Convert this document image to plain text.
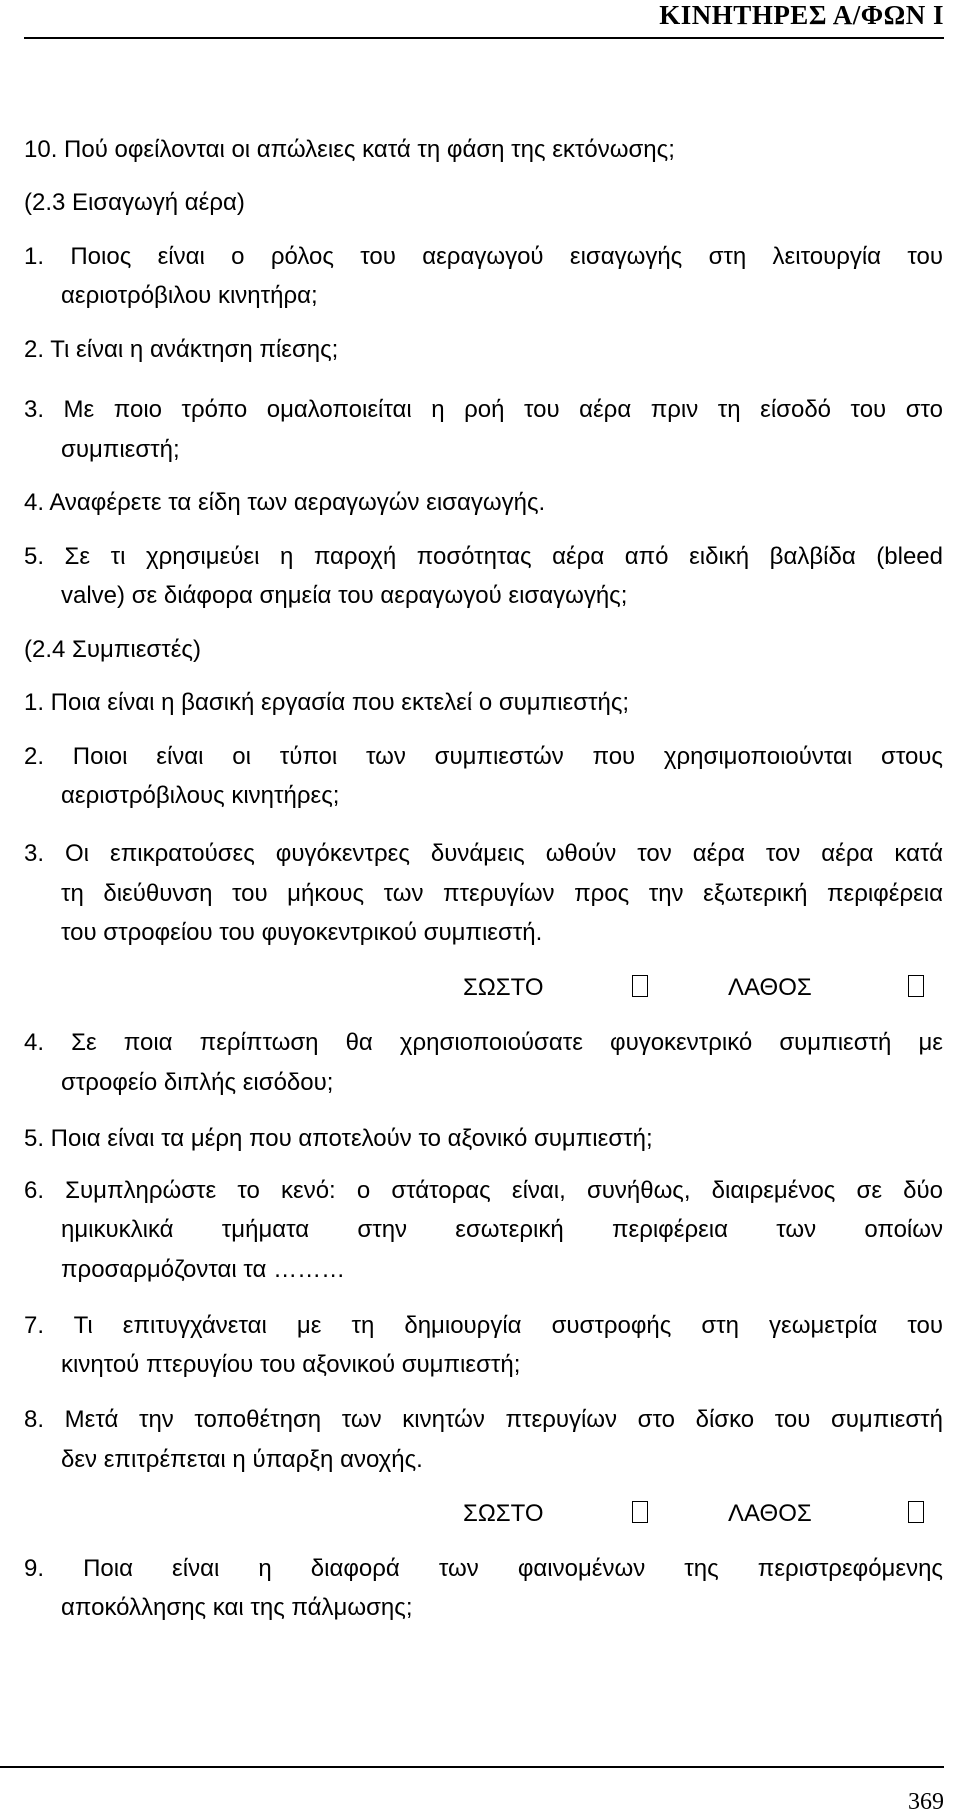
ΚΙΝΗΤΗΡΕΣ Α/ΦΩΝ Ι
10. Πού οφείλονται οι απώλειες κατά τη φάση της εκτόνωσης;
(2.3 Εισαγωγή αέρα)
1. Ποιος είναι ο ρόλος του αεραγωγού εισαγωγής στη λειτουργία του
αεριοτρόβιλου κινητήρα;
2. Τι είναι η ανάκτηση πίεσης;
3. Με ποιο τρόπο ομαλοποιείται η ροή του αέρα πριν τη είσοδό του στο
συμπιεστή;
4. Αναφέρετε τα είδη των αεραγωγών εισαγωγής.
5. Σε τι χρησιμεύει η παροχή ποσότητας αέρα από ειδική βαλβίδα (bleed
valve) σε διάφορα σημεία του αεραγωγού εισαγωγής;
(2.4 Συμπιεστές)
1. Ποια είναι η βασική εργασία που εκτελεί ο συμπιεστής;
2. Ποιοι είναι οι τύποι των συμπιεστών που χρησιμοποιούνται στους
αεριστρόβιλους κινητήρες;
3. Οι επικρατούσες φυγόκεντρες δυνάμεις ωθούν τον αέρα τον αέρα κατά
τη διεύθυνση του μήκους των πτερυγίων προς την εξωτερική περιφέρεια
του στροφείου του φυγοκεντρικού συμπιεστή.
ΣΩΣΤΟ	ΛΑΘΟΣ
4. Σε ποια περίπτωση θα χρησιοποιούσατε φυγοκεντρικό συμπιεστή με
στροφείο διπλής εισόδου;
5. Ποια είναι τα μέρη που αποτελούν το αξονικό συμπιεστή;
6. Συμπληρώστε το κενό: ο στάτορας είναι, συνήθως, διαιρεμένος σε δύο
ημικυκλικά τμήματα στην εσωτερική περιφέρεια των οποίων
προσαρμόζονται τα ………
7. Τι επιτυγχάνεται με τη δημιουργία συστροφής στη γεωμετρία του
κινητού πτερυγίου του αξονικού συμπιεστή;
8. Μετά την τοποθέτηση των κινητών πτερυγίων στο δίσκο του συμπιεστή
δεν επιτρέπεται η ύπαρξη ανοχής.
ΣΩΣΤΟ	ΛΑΘΟΣ
9. Ποια είναι η διαφορά των φαινομένων της περιστρεφόμενης
αποκόλλησης και της πάλμωσης;
369
